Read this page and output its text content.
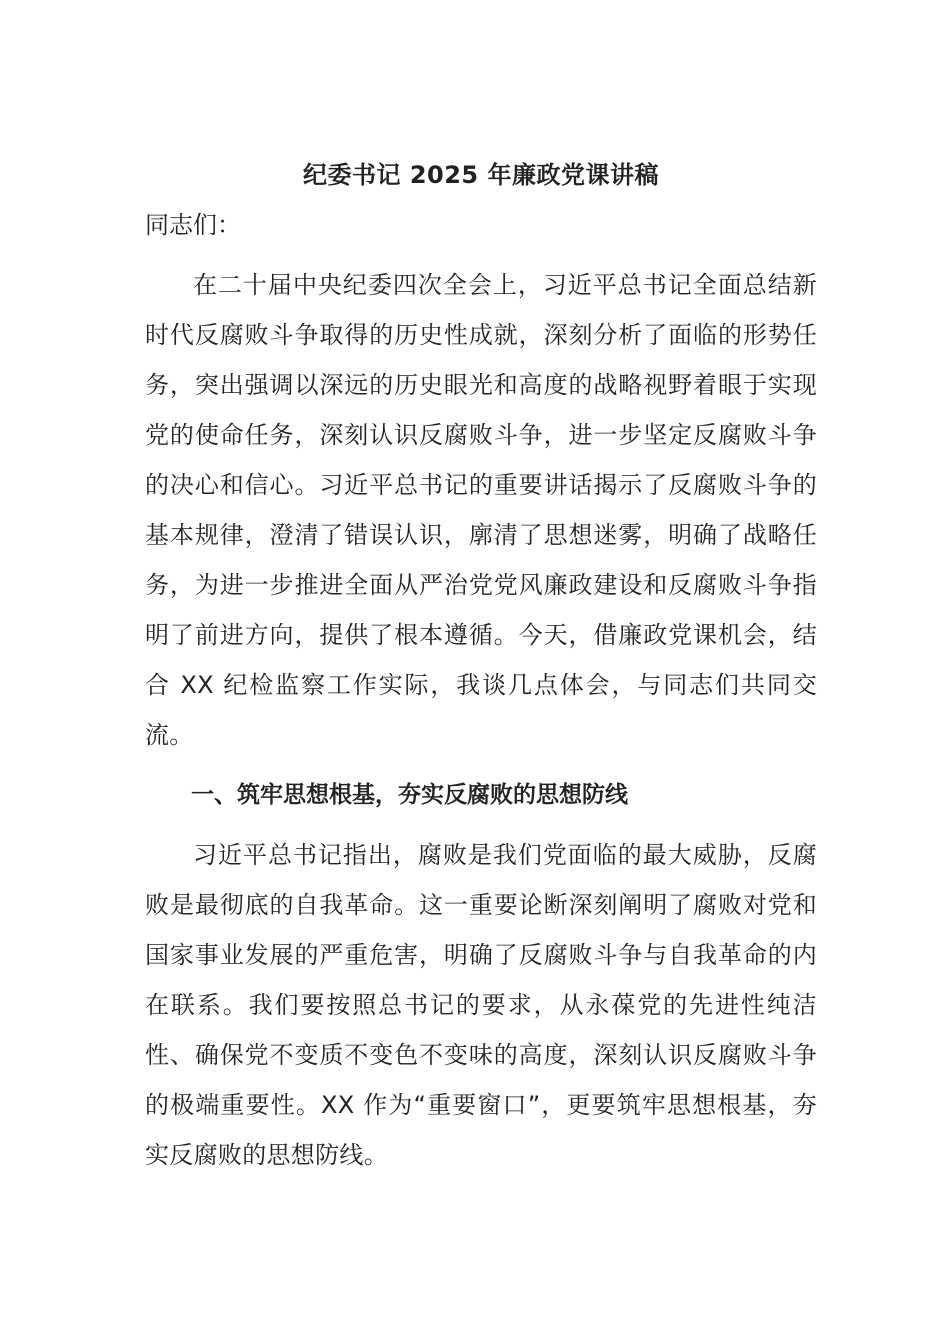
纪委书记 2025 年廉政党课讲稿

同志们：

在二十届中央纪委四次全会上，习近平总书记全面总结新时代反腐败斗争取得的历史性成就，深刻分析了面临的形势任务，突出强调以深远的历史眼光和高度的战略视野着眼于实现党的使命任务，深刻认识反腐败斗争，进一步坚定反腐败斗争的决心和信心。习近平总书记的重要讲话揭示了反腐败斗争的基本规律，澄清了错误认识，廓清了思想迷雾，明确了战略任务，为进一步推进全面从严治党党风廉政建设和反腐败斗争指明了前进方向，提供了根本遵循。今天，借廉政党课机会，结合 XX 纪检监察工作实际，我谈几点体会，与同志们共同交流。

一、筑牢思想根基，夯实反腐败的思想防线

习近平总书记指出，腐败是我们党面临的最大威胁，反腐败是最彻底的自我革命。这一重要论断深刻阐明了腐败对党和国家事业发展的严重危害，明确了反腐败斗争与自我革命的内在联系。我们要按照总书记的要求，从永葆党的先进性纯洁性、确保党不变质不变色不变味的高度，深刻认识反腐败斗争的极端重要性。XX 作为“重要窗口”，更要筑牢思想根基，夯实反腐败的思想防线。
